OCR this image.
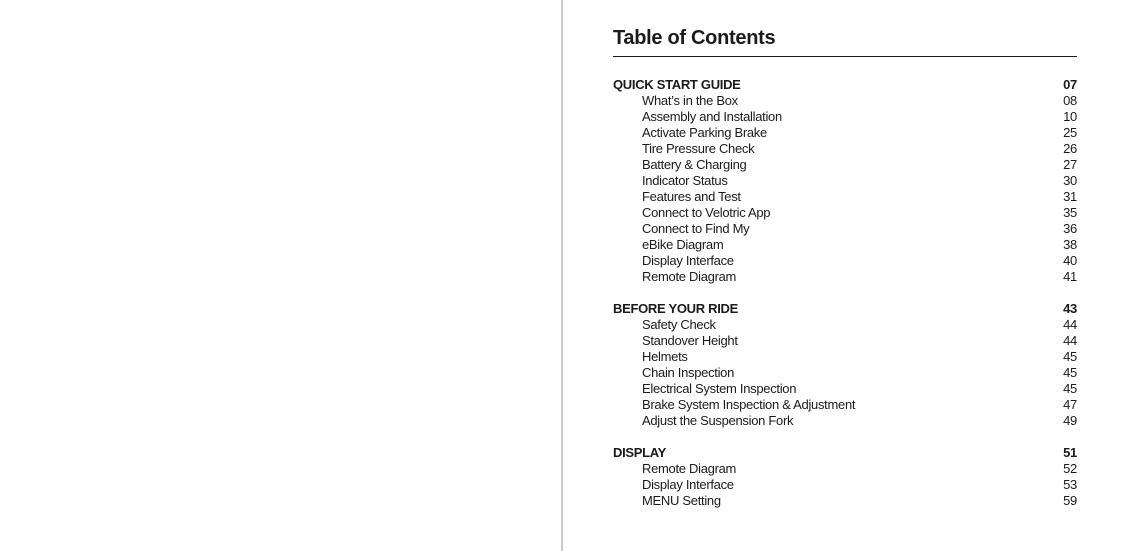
Table of Contents
QUICK START GUIDE	07
What’s in the Box	08
Assembly and Installation	10
Activate Parking Brake	25
Tire Pressure Check	26
Battery & Charging	27
Indicator Status	30
Features and Test	31
Connect to Velotric App	35
Connect to Find My	36
eBike Diagram	38
Display Interface	40
Remote Diagram	41
BEFORE YOUR RIDE	43
Safety Check	44
Standover Height	44
Helmets	45
Chain Inspection	45
Electrical System Inspection	45
Brake System Inspection & Adjustment	47
Adjust the Suspension Fork	49
DISPLAY	51
Remote Diagram	52
Display Interface	53
MENU Setting	59
